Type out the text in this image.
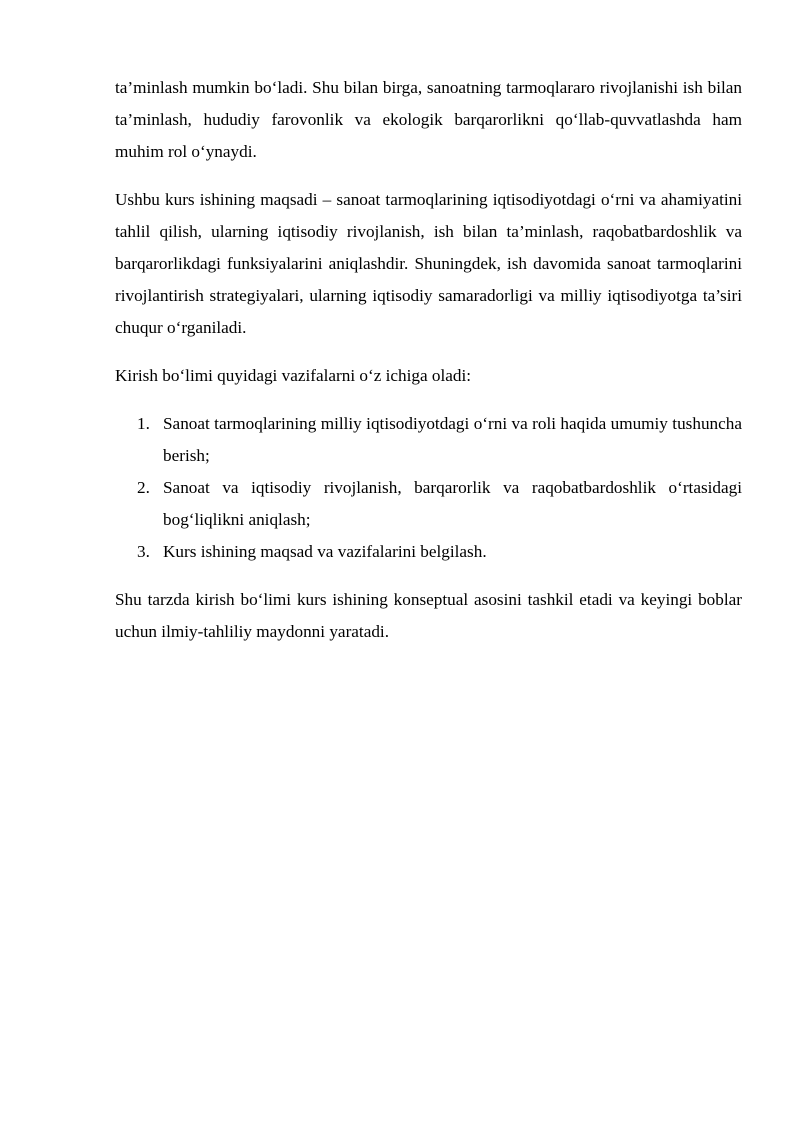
ta’minlash mumkin bo‘ladi. Shu bilan birga, sanoatning tarmoqlararo rivojlanishi ish bilan ta’minlash, hududiy farovonlik va ekologik barqarorlikni qo‘llab-quvvatlashda ham muhim rol o‘ynaydi.

Ushbu kurs ishining maqsadi – sanoat tarmoqlarining iqtisodiyotdagi o‘rni va ahamiyatini tahlil qilish, ularning iqtisodiy rivojlanish, ish bilan ta’minlash, raqobatbardoshlik va barqarorlikdagi funksiyalarini aniqlashdir. Shuningdek, ish davomida sanoat tarmoqlarini rivojlantirish strategiyalari, ularning iqtisodiy samaradorligi va milliy iqtisodiyotga ta’siri chuqur o‘rganiladi.

Kirish bo‘limi quyidagi vazifalarni o‘z ichiga oladi:

1. Sanoat tarmoqlarining milliy iqtisodiyotdagi o‘rni va roli haqida umumiy tushuncha berish;
2. Sanoat va iqtisodiy rivojlanish, barqarorlik va raqobatbardoshlik o‘rtasidagi bog‘liqlikni aniqlash;
3. Kurs ishining maqsad va vazifalarini belgilash.

Shu tarzda kirish bo‘limi kurs ishining konseptual asosini tashkil etadi va keyingi boblar uchun ilmiy-tahliliy maydonni yaratadi.
